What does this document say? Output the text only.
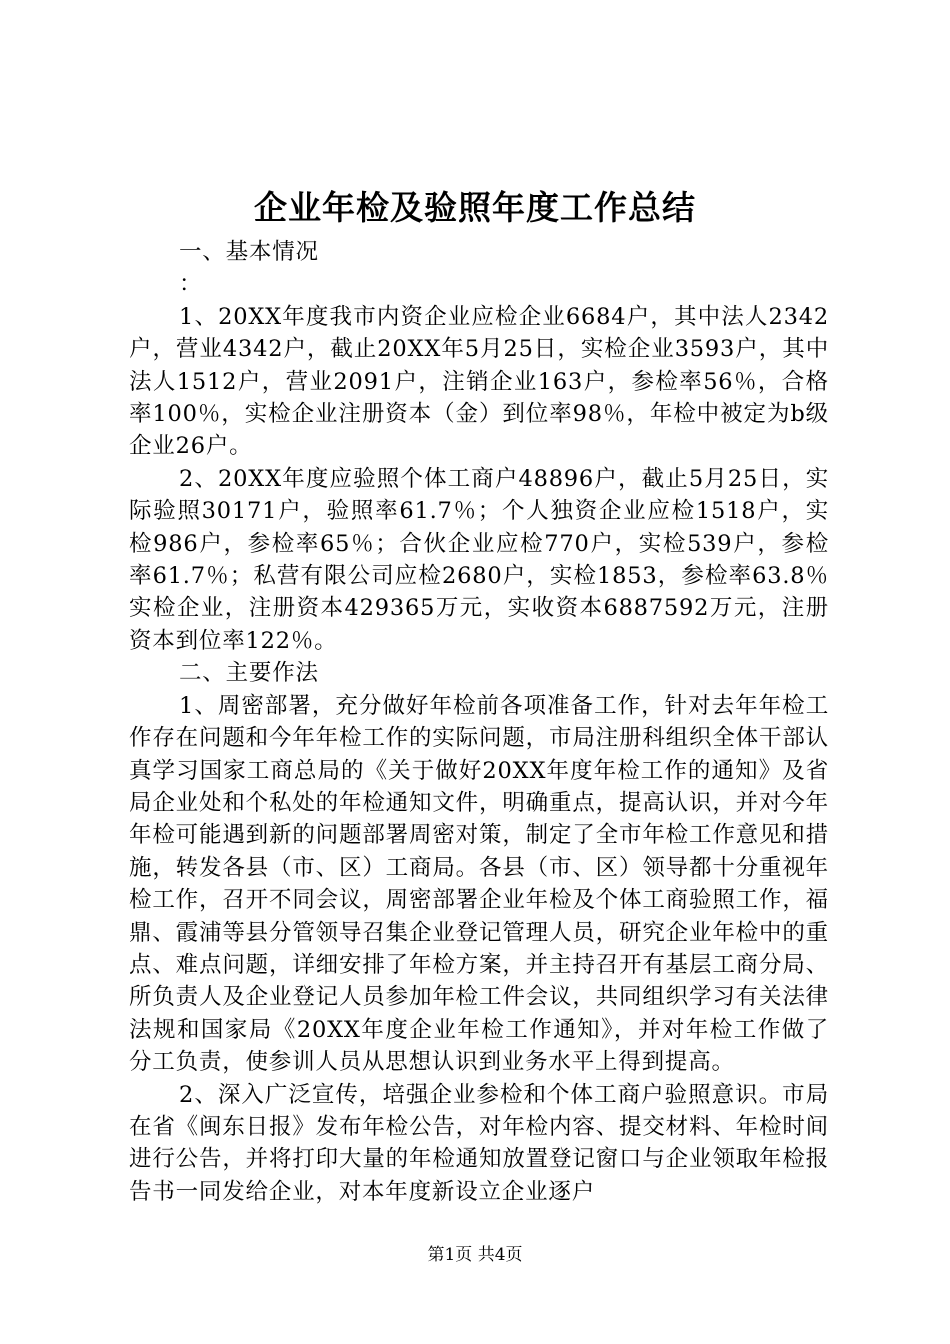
企业年检及验照年度工作总结

一、基本情况

：

1、20XX年度我市内资企业应检企业6684户，其中法人2342户，营业4342户，截止20XX年5月25日，实检企业3593户，其中法人1512户，营业2091户，注销企业163户，参检率56％，合格率100％，实检企业注册资本（金）到位率98％，年检中被定为b级企业26户。

2、20XX年度应验照个体工商户48896户，截止5月25日，实际验照30171户，验照率61.7％；个人独资企业应检1518户，实检986户，参检率65％；合伙企业应检770户，实检539户，参检率61.7％；私营有限公司应检2680户，实检1853，参检率63.8％实检企业，注册资本429365万元，实收资本6887592万元，注册资本到位率122％。

二、主要作法

1、周密部署，充分做好年检前各项准备工作，针对去年年检工作存在问题和今年年检工作的实际问题，市局注册科组织全体干部认真学习国家工商总局的《关于做好20XX年度年检工作的通知》及省局企业处和个私处的年检通知文件，明确重点，提高认识，并对今年年检可能遇到新的问题部署周密对策，制定了全市年检工作意见和措施，转发各县（市、区）工商局。各县（市、区）领导都十分重视年检工作，召开不同会议，周密部署企业年检及个体工商验照工作，福鼎、霞浦等县分管领导召集企业登记管理人员，研究企业年检中的重点、难点问题，详细安排了年检方案，并主持召开有基层工商分局、所负责人及企业登记人员参加年检工件会议，共同组织学习有关法律法规和国家局《20XX年度企业年检工作通知》，并对年检工作做了分工负责，使参训人员从思想认识到业务水平上得到提高。

2、深入广泛宣传，培强企业参检和个体工商户验照意识。市局在省《闽东日报》发布年检公告，对年检内容、提交材料、年检时间进行公告，并将打印大量的年检通知放置登记窗口与企业领取年检报告书一同发给企业，对本年度新设立企业逐户

第1页 共4页
